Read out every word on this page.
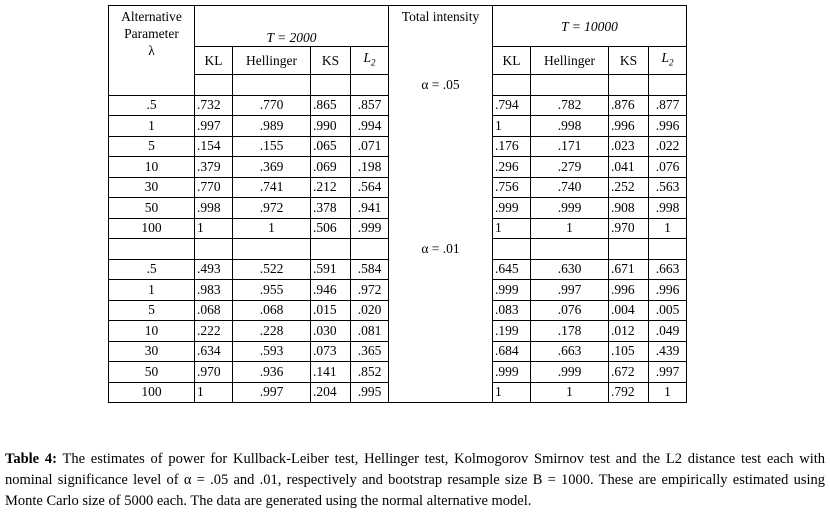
Alternative
Parameter
λ	T = 2000				Total intensity	T = 10000			
	KL	Hellinger	KS	$L_2$		KL	Hellinger	KS	$L_2$
					α = .05				
.5	.732	.770	.865	.857		.794	.782	.876	.877
1	.997	.989	.990	.994		1	.998	.996	.996
5	.154	.155	.065	.071		.176	.171	.023	.022
10	.379	.369	.069	.198		.296	.279	.041	.076
30	.770	.741	.212	.564		.756	.740	.252	.563
50	.998	.972	.378	.941		.999	.999	.908	.998
100	1	1	.506	.999		1	1	.970	1
					α = .01				
.5	.493	.522	.591	.584		.645	.630	.671	.663
1	.983	.955	.946	.972		.999	.997	.996	.996
5	.068	.068	.015	.020		.083	.076	.004	.005
10	.222	.228	.030	.081		.199	.178	.012	.049
30	.634	.593	.073	.365		.684	.663	.105	.439
50	.970	.936	.141	.852		.999	.999	.672	.997
100	1	.997	.204	.995		1	1	.792	1
Table 4: The estimates of power for Kullback-Leiber test, Hellinger test, Kolmogorov Smirnov test and the L2 distance test each with nominal significance level of α = .05 and .01, respectively and bootstrap resample size B = 1000. These are empirically estimated using Monte Carlo size of 5000 each. The data are generated using the normal alternative model.
